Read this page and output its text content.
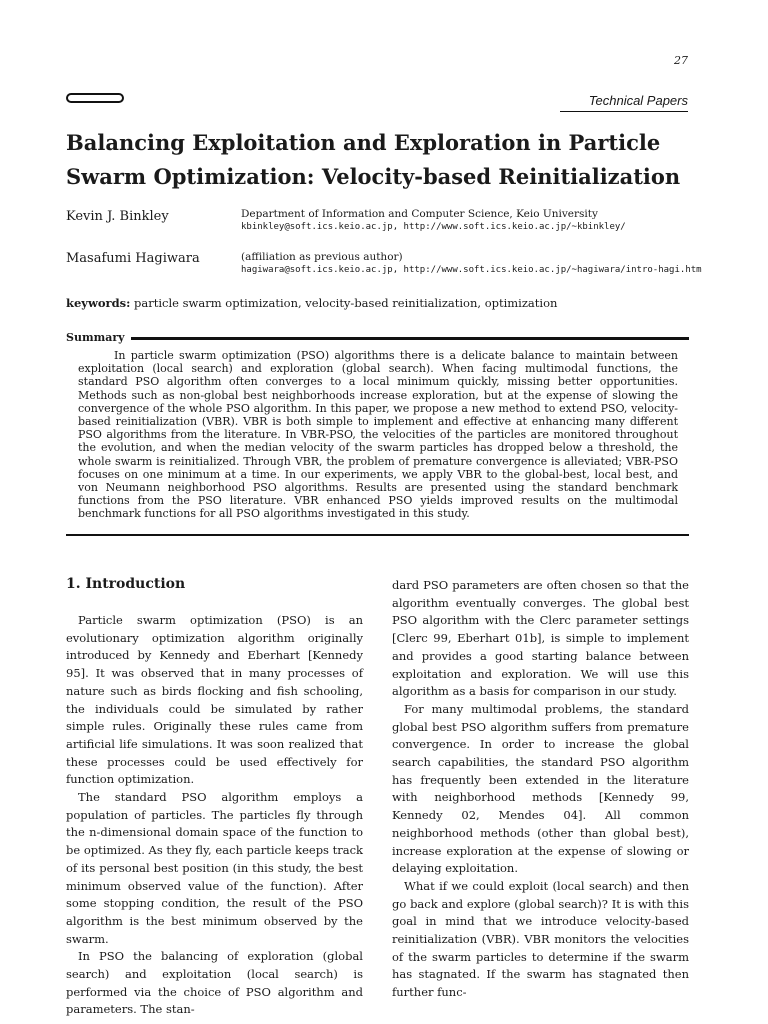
27
Technical Papers
Balancing Exploitation and Exploration in Particle
Swarm Optimization: Velocity-based Reinitialization
Kevin J. Binkley	Department of Information and Computer Science, Keio University
kbinkley@soft.ics.keio.ac.jp, http://www.soft.ics.keio.ac.jp/~kbinkley/
Masafumi Hagiwara	(affiliation as previous author)
hagiwara@soft.ics.keio.ac.jp, http://www.soft.ics.keio.ac.jp/~hagiwara/intro-hagi.htm
keywords: particle swarm optimization, velocity-based reinitialization, optimization
Summary
In particle swarm optimization (PSO) algorithms there is a delicate balance to maintain between exploitation (local search) and exploration (global search). When facing multimodal functions, the standard PSO algorithm often converges to a local minimum quickly, missing better opportunities. Methods such as non-global best neighborhoods increase exploration, but at the expense of slowing the convergence of the whole PSO algorithm. In this paper, we propose a new method to extend PSO, velocity-based reinitialization (VBR). VBR is both simple to implement and effective at enhancing many different PSO algorithms from the literature. In VBR-PSO, the velocities of the particles are monitored throughout the evolution, and when the median velocity of the swarm particles has dropped below a threshold, the whole swarm is reinitialized. Through VBR, the problem of premature convergence is alleviated; VBR-PSO focuses on one minimum at a time. In our experiments, we apply VBR to the global-best, local best, and von Neumann neighborhood PSO algorithms. Results are presented using the standard benchmark functions from the PSO literature. VBR enhanced PSO yields improved results on the multimodal benchmark functions for all PSO algorithms investigated in this study.
1. Introduction

Particle swarm optimization (PSO) is an evolutionary optimization algorithm originally introduced by Kennedy and Eberhart [Kennedy 95]. It was observed that in many processes of nature such as birds flocking and fish schooling, the individuals could be simulated by rather simple rules. Originally these rules came from artificial life simulations. It was soon realized that these processes could be used effectively for function optimization.

The standard PSO algorithm employs a population of particles. The particles fly through the n-dimensional domain space of the function to be optimized. As they fly, each particle keeps track of its personal best position (in this study, the best minimum observed value of the function). After some stopping condition, the result of the PSO algorithm is the best minimum observed by the swarm.

In PSO the balancing of exploration (global search) and exploitation (local search) is performed via the choice of PSO algorithm and parameters. The stan-

dard PSO parameters are often chosen so that the algorithm eventually converges. The global best PSO algorithm with the Clerc parameter settings [Clerc 99, Eberhart 01b], is simple to implement and provides a good starting balance between exploitation and exploration. We will use this algorithm as a basis for comparison in our study.

For many multimodal problems, the standard global best PSO algorithm suffers from premature convergence. In order to increase the global search capabilities, the standard PSO algorithm has frequently been extended in the literature with neighborhood methods [Kennedy 99, Kennedy 02, Mendes 04]. All common neighborhood methods (other than global best), increase exploration at the expense of slowing or delaying exploitation.

What if we could exploit (local search) and then go back and explore (global search)? It is with this goal in mind that we introduce velocity-based reinitialization (VBR). VBR monitors the velocities of the swarm particles to determine if the swarm has stagnated. If the swarm has stagnated then further func-
